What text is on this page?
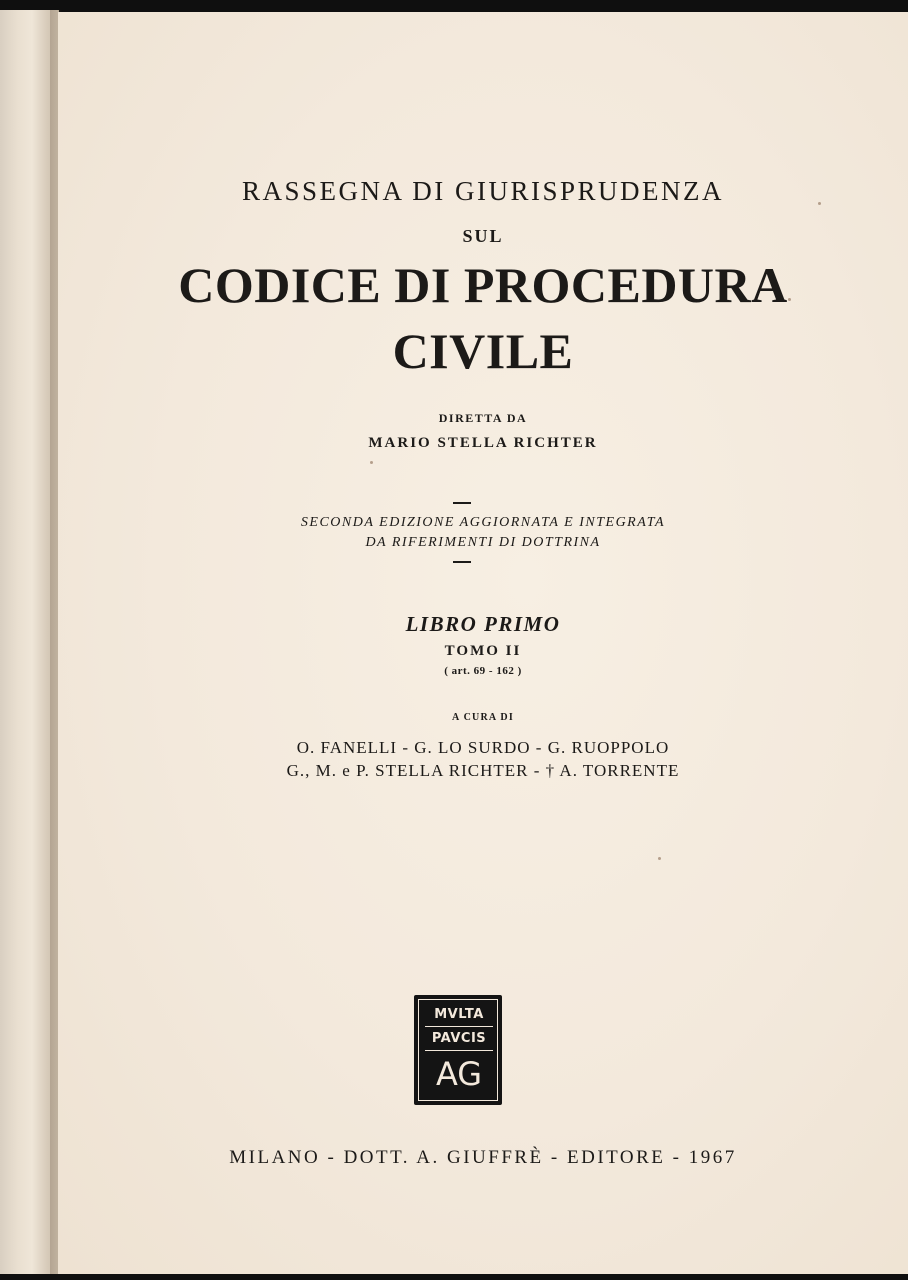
RASSEGNA DI GIURISPRUDENZA
SUL
CODICE DI PROCEDURA
CIVILE
DIRETTA DA
MARIO STELLA RICHTER
SECONDA EDIZIONE AGGIORNATA E INTEGRATA
DA RIFERIMENTI DI DOTTRINA
LIBRO PRIMO
TOMO II
( art. 69 - 162 )
A CURA DI
O. FANELLI - G. LO SURDO - G. RUOPPOLO
G., M. e P. STELLA RICHTER - † A. TORRENTE
MVLTA
PAVCIS
AG
MILANO - DOTT. A. GIUFFRÈ - EDITORE - 1967
